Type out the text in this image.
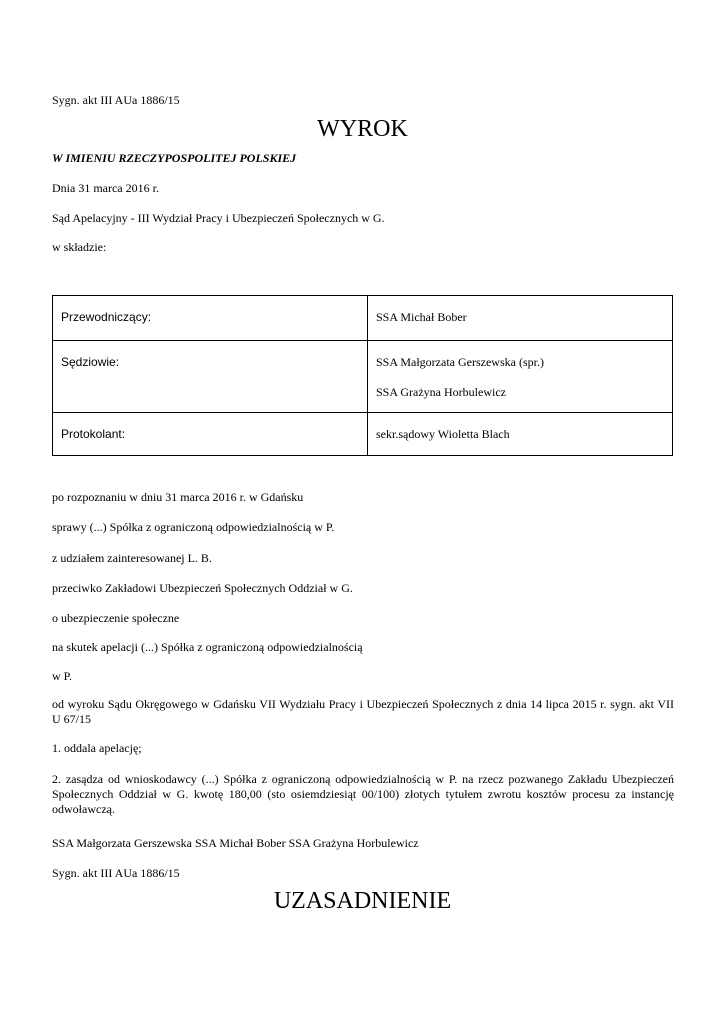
Sygn. akt III AUa 1886/15

WYROK

W IMIENIU RZECZYPOSPOLITEJ POLSKIEJ

Dnia 31 marca 2016 r.

Sąd Apelacyjny - III Wydział Pracy i Ubezpieczeń Społecznych w G.

w składzie:

Przewodniczący:	SSA Michał Bober

Sędziowie:	SSA Małgorzata Gerszewska (spr.)

SSA Grażyna Horbulewicz

Protokolant:	sekr.sądowy Wioletta Blach

po rozpoznaniu w dniu 31 marca 2016 r. w Gdańsku

sprawy (...) Spółka z ograniczoną odpowiedzialnością w P.

z udziałem zainteresowanej L. B.

przeciwko Zakładowi Ubezpieczeń Społecznych Oddział w G.

o ubezpieczenie społeczne

na skutek apelacji (...) Spółka z ograniczoną odpowiedzialnością

w P.

od wyroku Sądu Okręgowego w Gdańsku VII Wydziału Pracy i Ubezpieczeń Społecznych z dnia 14 lipca 2015 r. sygn. akt VII U 67/15

1. oddala apelację;

2. zasądza od wnioskodawcy (...) Spółka z ograniczoną odpowiedzialnością w P. na rzecz pozwanego Zakładu Ubezpieczeń Społecznych Oddział w G. kwotę 180,00 (sto osiemdziesiąt 00/100) złotych tytułem zwrotu kosztów procesu za instancję odwoławczą.

SSA Małgorzata Gerszewska SSA Michał Bober SSA Grażyna Horbulewicz

Sygn. akt III AUa 1886/15

UZASADNIENIE
